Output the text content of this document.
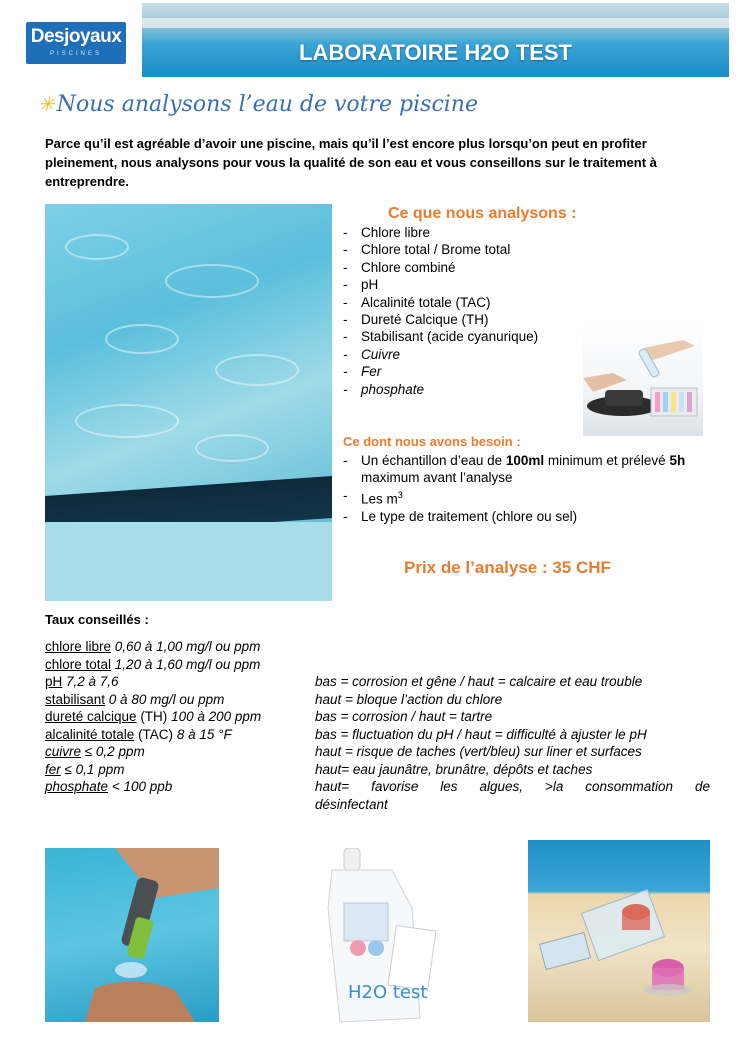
Desjoyaux
PISCINES	LABORATOIRE H2O TEST
✳Nous analysons l’eau de votre piscine
Parce qu’il est agréable d’avoir une piscine, mais qu’il l’est encore plus lorsqu’on peut en profiter pleinement, nous analysons pour vous la qualité de son eau et vous conseillons sur le traitement à entreprendre.
Ce que nous analysons :
- Chlore libre
- Chlore total / Brome total
- Chlore combiné
- pH
- Alcalinité totale (TAC)
- Dureté Calcique (TH)
- Stabilisant (acide cyanurique)
- Cuivre
- Fer
- phosphate
Ce dont nous avons besoin :
- Un échantillon d’eau de 100ml minimum et prélevé 5h maximum avant l’analyse
- Les $m^3$
- Le type de traitement (chlore ou sel)
Prix de l’analyse : 35 CHF
Taux conseillés :
chlore libre 0,60 à 1,00 mg/l ou ppm
chlore total 1,20 à 1,60 mg/l ou ppm
pH 7,2 à 7,6
stabilisant 0 à 80 mg/l ou ppm
dureté calcique (TH) 100 à 200 ppm
alcalinité totale (TAC) 8 à 15 °F
cuivre ≤ 0,2 ppm
fer ≤ 0,1 ppm
phosphate < 100 ppb
bas = corrosion et gêne / haut = calcaire et eau trouble
haut = bloque l’action du chlore
bas = corrosion / haut = tartre
bas = fluctuation du pH / haut = difficulté à ajuster le pH
haut = risque de taches (vert/bleu) sur liner et surfaces
haut= eau jaunâtre, brunâtre, dépôts et taches
haut= favorise les algues, >la consommation de
désinfectant
H2O test
